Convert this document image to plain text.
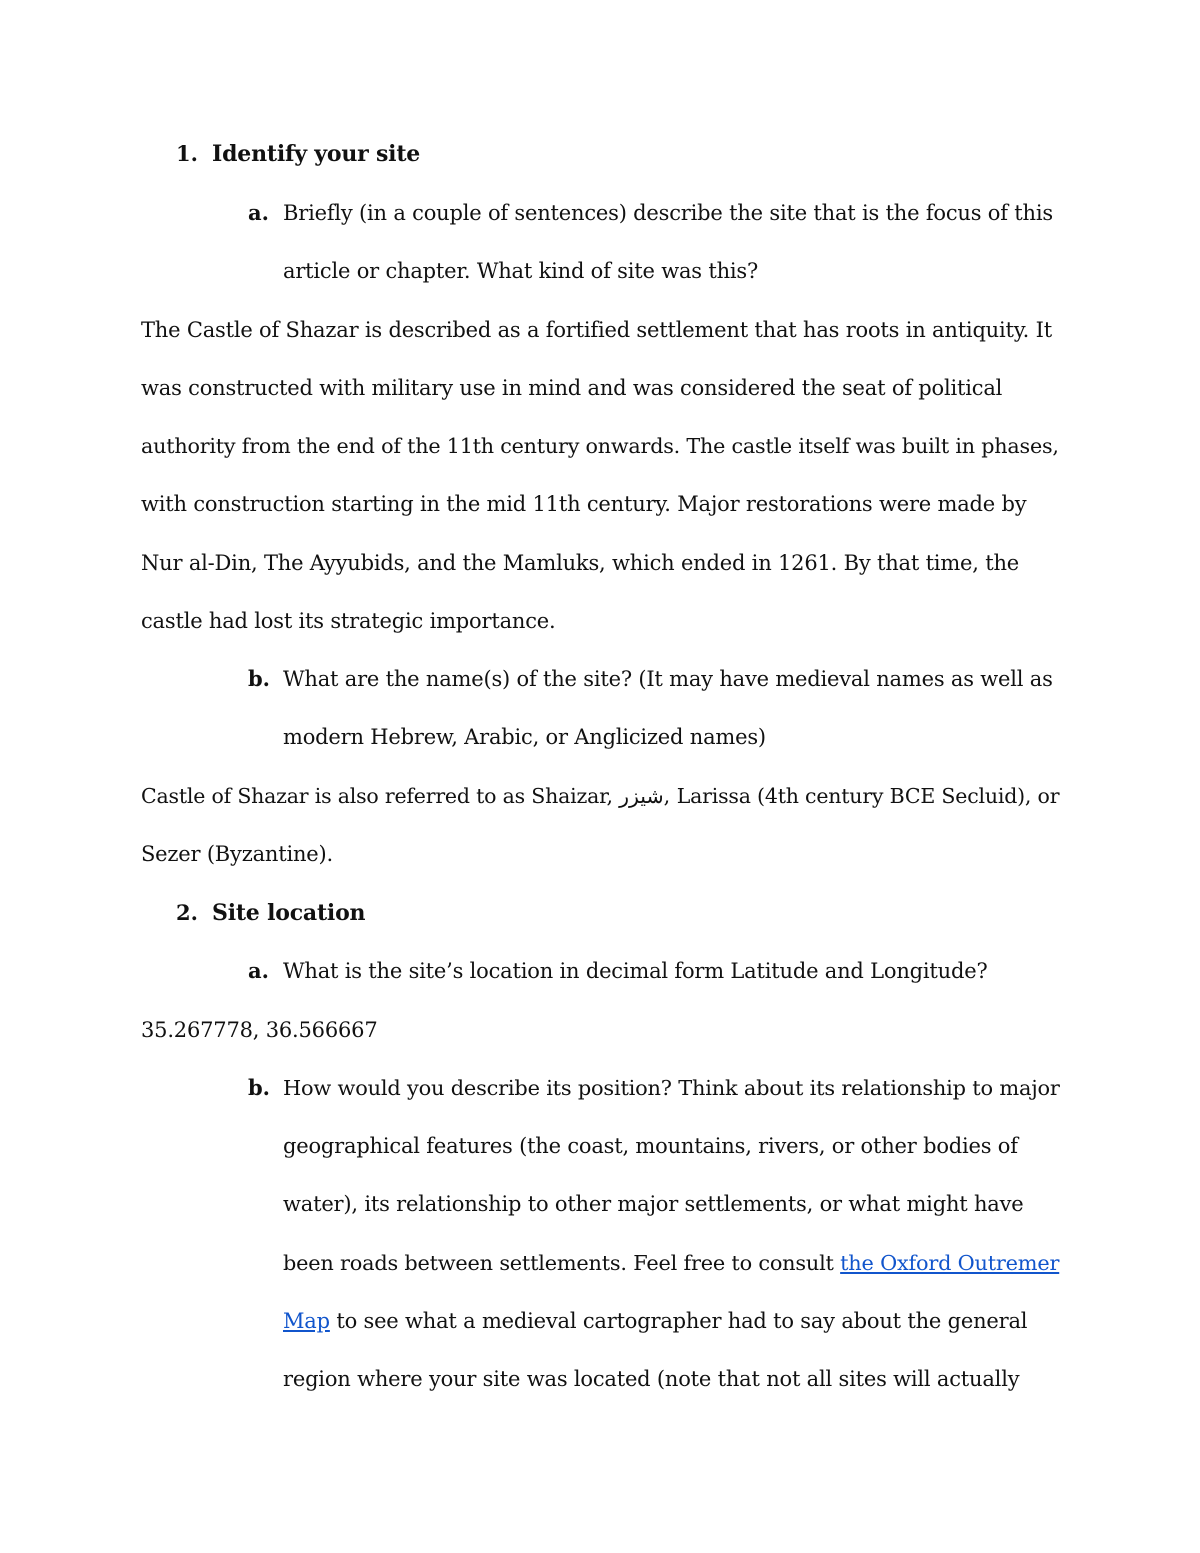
1. Identify your site
a. Briefly (in a couple of sentences) describe the site that is the focus of this
article or chapter. What kind of site was this?
The Castle of Shazar is described as a fortified settlement that has roots in antiquity. It
was constructed with military use in mind and was considered the seat of political
authority from the end of the 11th century onwards. The castle itself was built in phases,
with construction starting in the mid 11th century. Major restorations were made by
Nur al-Din, The Ayyubids, and the Mamluks, which ended in 1261. By that time, the
castle had lost its strategic importance.
b. What are the name(s) of the site? (It may have medieval names as well as
modern Hebrew, Arabic, or Anglicized names)
Castle of Shazar is also referred to as Shaizar, شيزر, Larissa (4th century BCE Secluid), or
Sezer (Byzantine).
2. Site location
a. What is the site’s location in decimal form Latitude and Longitude?
35.267778, 36.566667
b. How would you describe its position? Think about its relationship to major
geographical features (the coast, mountains, rivers, or other bodies of
water), its relationship to other major settlements, or what might have
been roads between settlements. Feel free to consult the Oxford Outremer
Map to see what a medieval cartographer had to say about the general
region where your site was located (note that not all sites will actually
